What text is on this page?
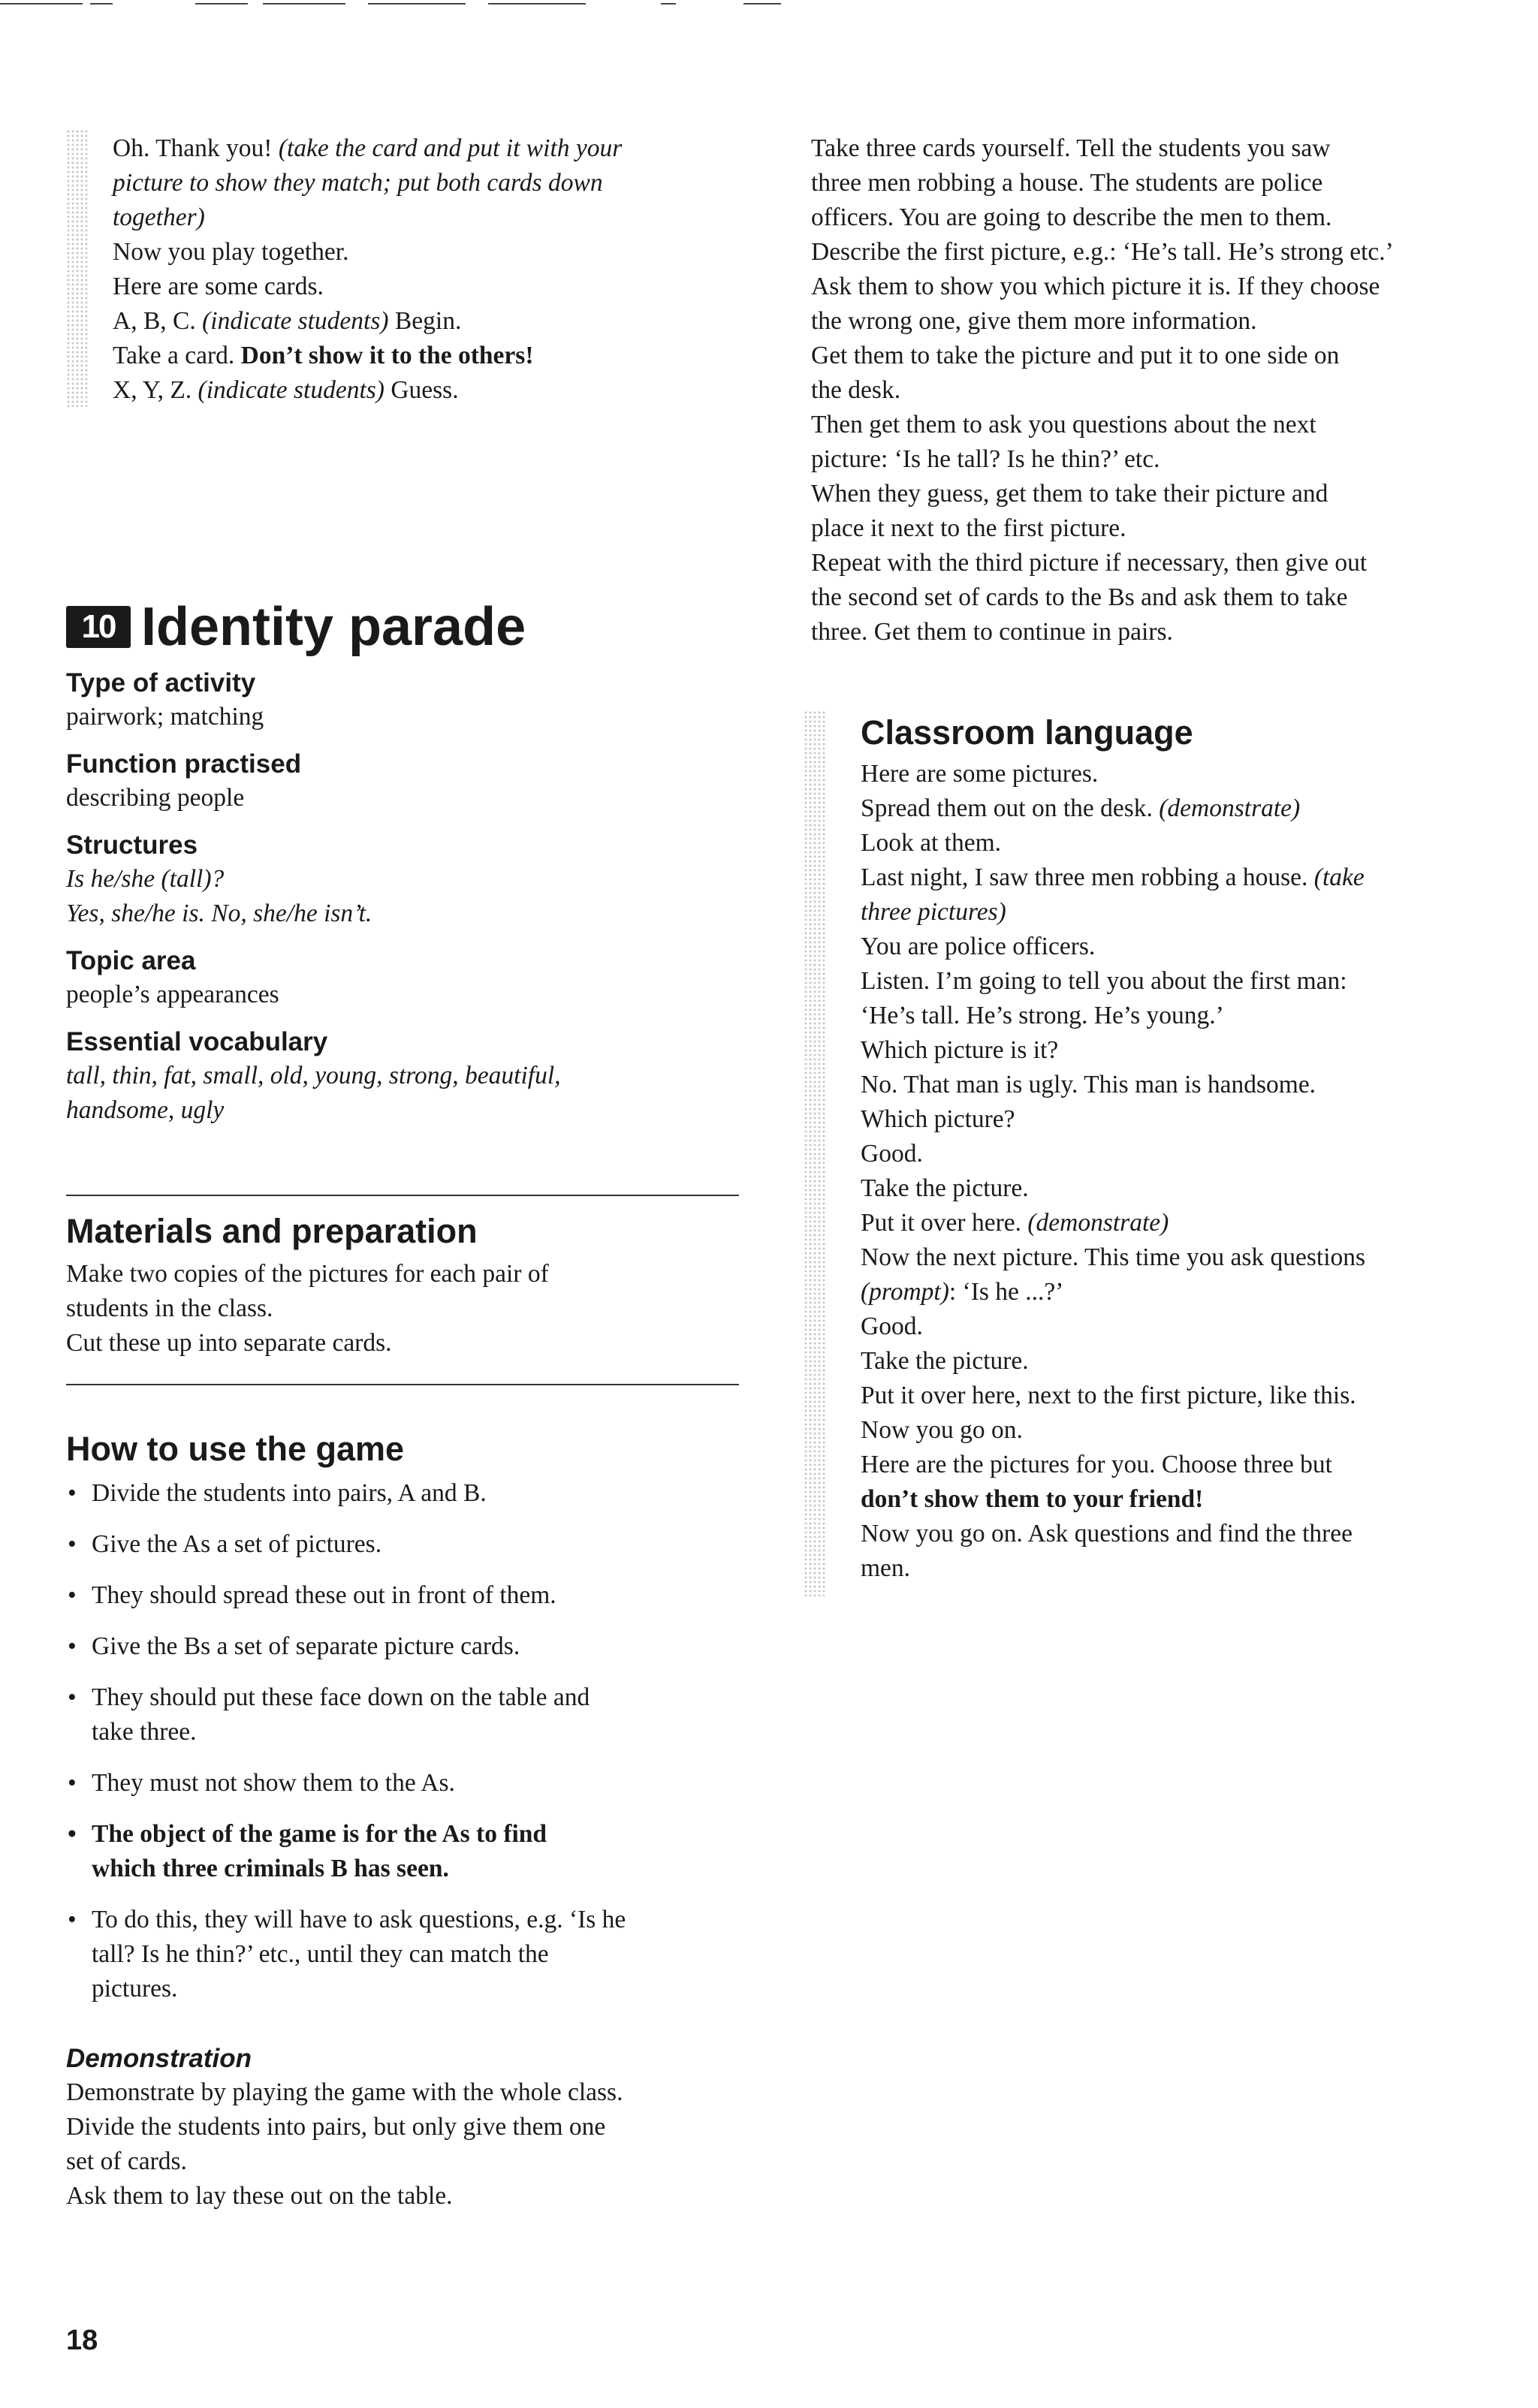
Oh. Thank you! (take the card and put it with your

picture to show they match; put both cards down

together)

Now you play together.

Here are some cards.

A, B, C. (indicate students) Begin.

Take a card. Don’t show it to the others!

X, Y, Z. (indicate students) Guess.

10 Identity parade
Type of activity

pairwork; matching

Function practised

describing people

Structures

Is he/she (tall)?

Yes, she/he is. No, she/he isn’t.

Topic area

people’s appearances

Essential vocabulary

tall, thin, fat, small, old, young, strong, beautiful,

handsome, ugly

Materials and preparation

Make two copies of the pictures for each pair of

students in the class.

Cut these up into separate cards.

How to use the game
• Divide the students into pairs, A and B.
• Give the As a set of pictures.
• They should spread these out in front of them.
• Give the Bs a set of separate picture cards.
• They should put these face down on the table and
take three.
• They must not show them to the As.
• The object of the game is for the As to find
which three criminals B has seen.
• To do this, they will have to ask questions, e.g. ‘Is he
tall? Is he thin?’ etc., until they can match the
pictures.
Demonstration

Demonstrate by playing the game with the whole class.

Divide the students into pairs, but only give them one

set of cards.

Ask them to lay these out on the table.

Take three cards yourself. Tell the students you saw

three men robbing a house. The students are police

officers. You are going to describe the men to them.

Describe the first picture, e.g.: ‘He’s tall. He’s strong etc.’

Ask them to show you which picture it is. If they choose

the wrong one, give them more information.

Get them to take the picture and put it to one side on

the desk.

Then get them to ask you questions about the next

picture: ‘Is he tall? Is he thin?’ etc.

When they guess, get them to take their picture and

place it next to the first picture.

Repeat with the third picture if necessary, then give out

the second set of cards to the Bs and ask them to take

three. Get them to continue in pairs.

Classroom language

Here are some pictures.

Spread them out on the desk. (demonstrate)

Look at them.

Last night, I saw three men robbing a house. (take

three pictures)

You are police officers.

Listen. I’m going to tell you about the first man:

‘He’s tall. He’s strong. He’s young.’

Which picture is it?

No. That man is ugly. This man is handsome.

Which picture?

Good.

Take the picture.

Put it over here. (demonstrate)

Now the next picture. This time you ask questions

(prompt): ‘Is he ...?’

Good.

Take the picture.

Put it over here, next to the first picture, like this.

Now you go on.

Here are the pictures for you. Choose three but

don’t show them to your friend!

Now you go on. Ask questions and find the three

men.

18
